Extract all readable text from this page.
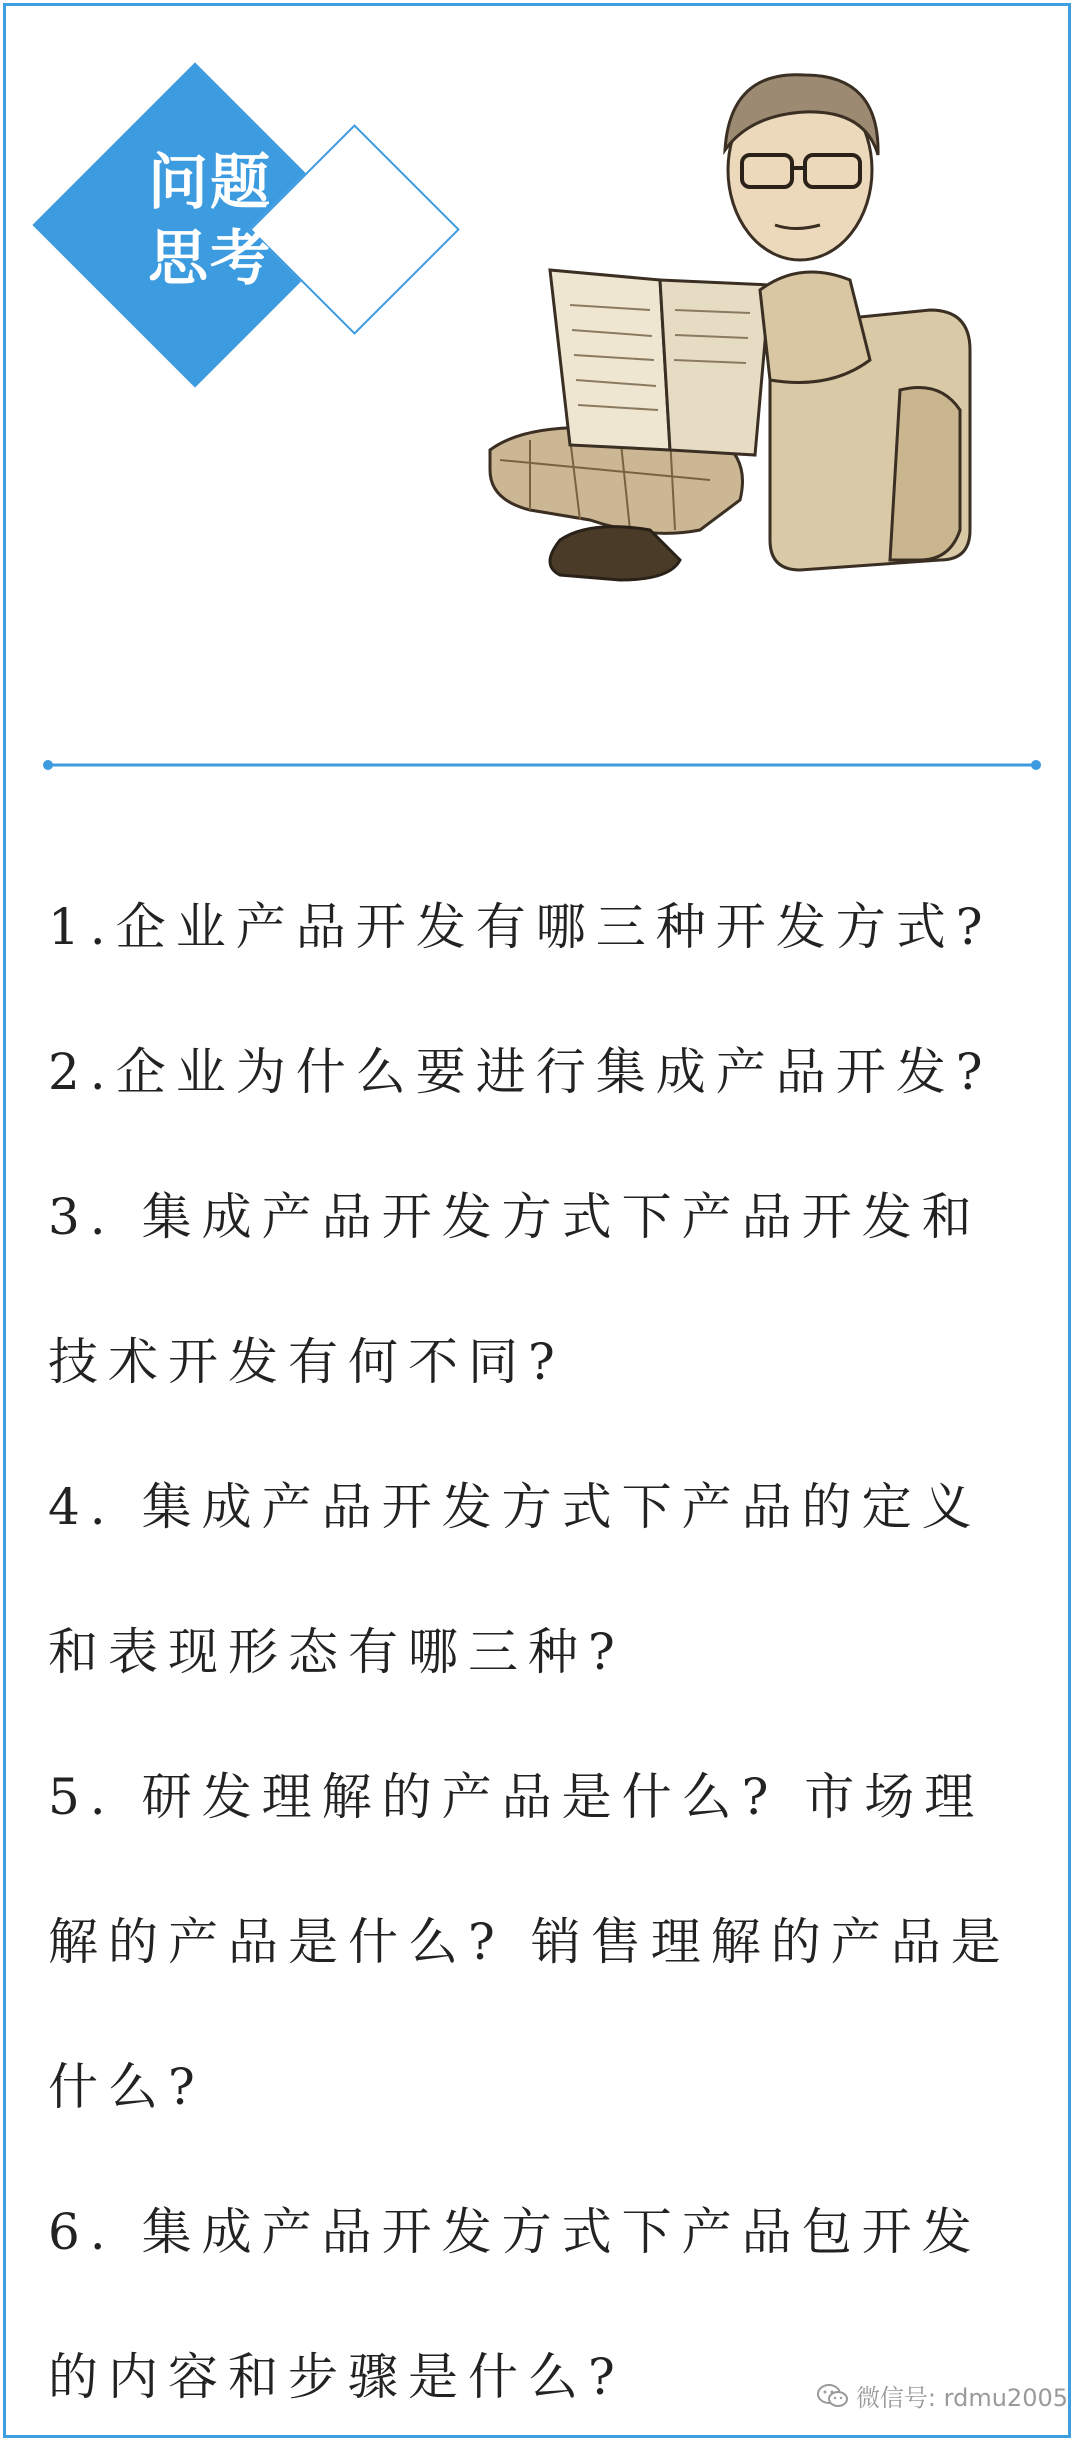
问题
思考
1.企业产品开发有哪三种开发方式?
2.企业为什么要进行集成产品开发?
3. 集成产品开发方式下产品开发和
技术开发有何不同?
4. 集成产品开发方式下产品的定义
和表现形态有哪三种?
5. 研发理解的产品是什么? 市场理
解的产品是什么? 销售理解的产品是
什么?
6. 集成产品开发方式下产品包开发
的内容和步骤是什么?	微信号: rdmu2005
